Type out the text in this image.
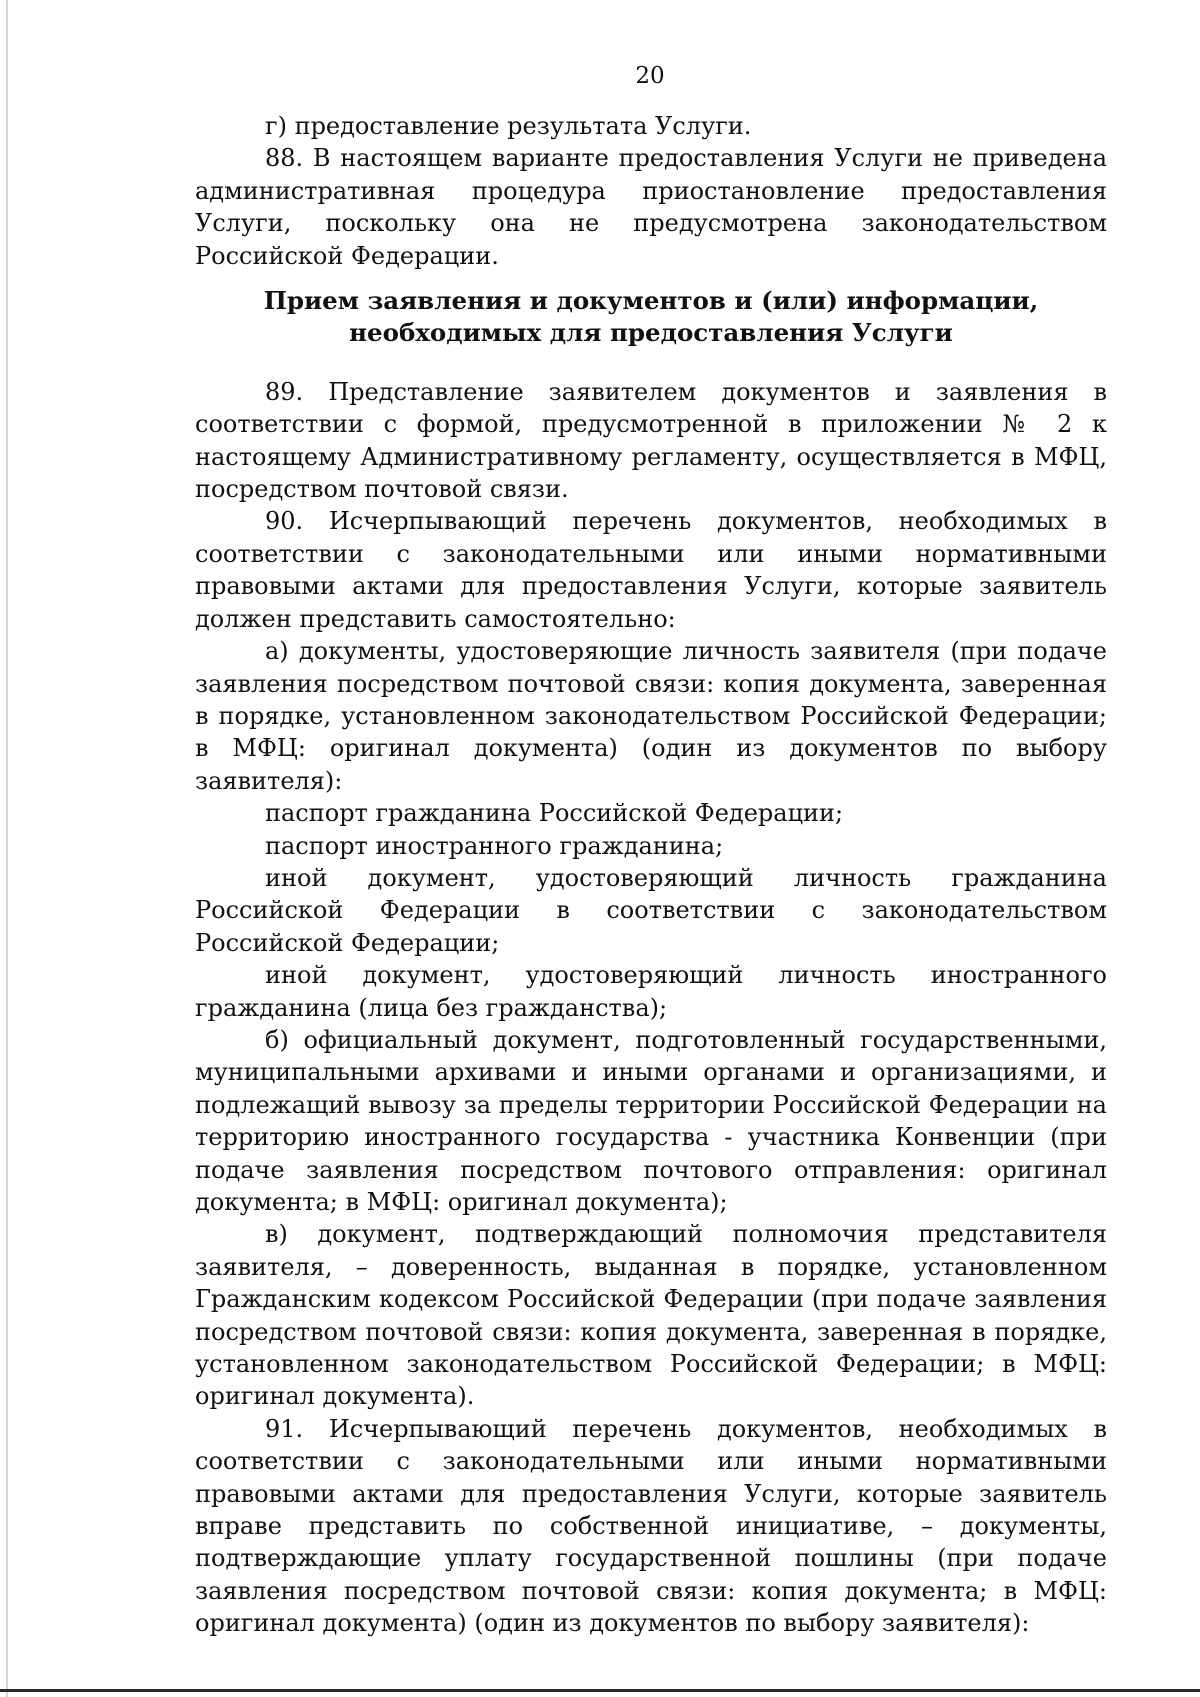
20

г) предоставление результата Услуги.

88. В настоящем варианте предоставления Услуги не приведена административная процедура приостановление предоставления Услуги, поскольку она не предусмотрена законодательством Российской Федерации.

Прием заявления и документов и (или) информации,
необходимых для предоставления Услуги

89. Представление заявителем документов и заявления в соответствии с формой, предусмотренной в приложении № 2 к настоящему Административному регламенту, осуществляется в МФЦ, посредством почтовой связи.

90. Исчерпывающий перечень документов, необходимых в соответствии с законодательными или иными нормативными правовыми актами для предоставления Услуги, которые заявитель должен представить самостоятельно:

а) документы, удостоверяющие личность заявителя (при подаче заявления посредством почтовой связи: копия документа, заверенная в порядке, установленном законодательством Российской Федерации; в МФЦ: оригинал документа) (один из документов по выбору заявителя):

паспорт гражданина Российской Федерации;

паспорт иностранного гражданина;

иной документ, удостоверяющий личность гражданина Российской Федерации в соответствии с законодательством Российской Федерации;

иной документ, удостоверяющий личность иностранного гражданина (лица без гражданства);

б) официальный документ, подготовленный государственными, муниципальными архивами и иными органами и организациями, и подлежащий вывозу за пределы территории Российской Федерации на территорию иностранного государства - участника Конвенции (при подаче заявления посредством почтового отправления: оригинал документа; в МФЦ: оригинал документа);

в) документ, подтверждающий полномочия представителя заявителя, – доверенность, выданная в порядке, установленном Гражданским кодексом Российской Федерации (при подаче заявления посредством почтовой связи: копия документа, заверенная в порядке, установленном законодательством Российской Федерации; в МФЦ: оригинал документа).

91. Исчерпывающий перечень документов, необходимых в соответствии с законодательными или иными нормативными правовыми актами для предоставления Услуги, которые заявитель вправе представить по собственной инициативе, – документы, подтверждающие уплату государственной пошлины (при подаче заявления посредством почтовой связи: копия документа; в МФЦ: оригинал документа) (один из документов по выбору заявителя):
